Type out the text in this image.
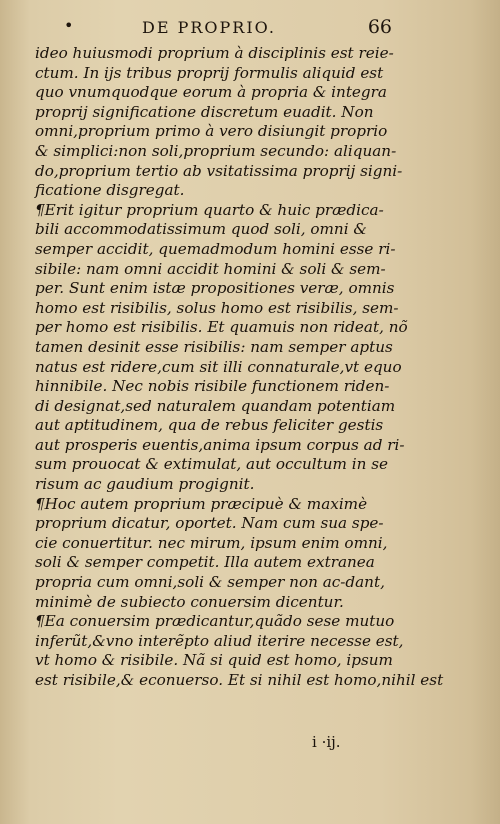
•	DE PROPRIO.	66
ideo huiusmodi proprium à disciplinis est reie-
ctum. In ijs tribus proprij formulis aliquid est
quo vnumquodque eorum à propria & integra
proprij significatione discretum euadit. Non
omni,proprium primo à vero disiungit proprio
& simplici:non soli,proprium secundo: aliquan-
do,proprium tertio ab vsitatissima proprij signi-
ficatione disgregat.
¶Erit igitur proprium quarto & huic prædica-
bili accommodatissimum quod soli, omni &
semper accidit, quemadmodum homini esse ri-
sibile: nam omni accidit homini & soli & sem-
per. Sunt enim istæ propositiones veræ, omnis
homo est risibilis, solus homo est risibilis, sem-
per homo est risibilis. Et quamuis non rideat, nõ
tamen desinit esse risibilis: nam semper aptus
natus est ridere,cum sit illi connaturale,vt equo
hinnibile. Nec nobis risibile functionem riden-
di designat,sed naturalem quandam potentiam
aut aptitudinem, qua de rebus feliciter gestis
aut prosperis euentis,anima ipsum corpus ad ri-
sum prouocat & extimulat, aut occultum in se
risum ac gaudium progignit.
¶Hoc autem proprium præcipuè & maximè
proprium dicatur, oportet. Nam cum sua spe-
cie conuertitur. nec mirum, ipsum enim omni,
soli & semper competit. Illa autem extranea
propria cum omni,soli & semper non ac-dant,
minimè de subiecto conuersim dicentur.
¶Ea conuersim prædicantur,quãdo sese mutuo
inferũt,&vno interẽpto aliud iterire necesse est,
vt homo & risibile. Nã si quid est homo, ipsum
est risibile,& econuerso. Et si nihil est homo,nihil est
i ·ij.
